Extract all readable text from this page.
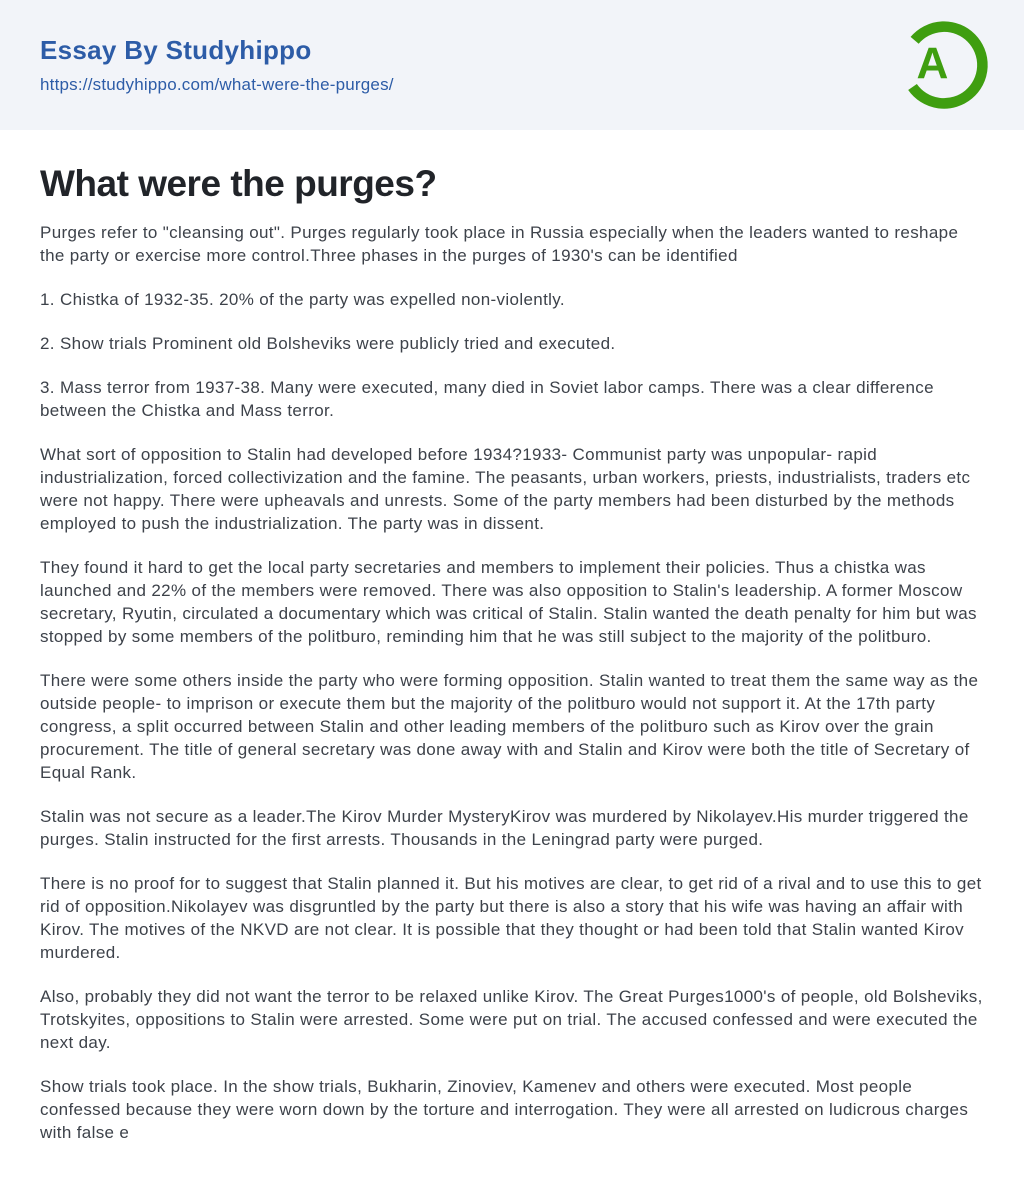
Essay By Studyhippo
https://studyhippo.com/what-were-the-purges/	A
What were the purges?

Purges refer to "cleansing out". Purges regularly took place in Russia especially when the leaders wanted to reshape the party or exercise more control.Three phases in the purges of 1930's can be identified

1. Chistka of 1932-35. 20% of the party was expelled non-violently.

2. Show trials Prominent old Bolsheviks were publicly tried and executed.

3. Mass terror from 1937-38. Many were executed, many died in Soviet labor camps. There was a clear difference between the Chistka and Mass terror.

What sort of opposition to Stalin had developed before 1934?1933- Communist party was unpopular- rapid industrialization, forced collectivization and the famine. The peasants, urban workers, priests, industrialists, traders etc were not happy. There were upheavals and unrests. Some of the party members had been disturbed by the methods employed to push the industrialization. The party was in dissent.

They found it hard to get the local party secretaries and members to implement their policies. Thus a chistka was launched and 22% of the members were removed. There was also opposition to Stalin's leadership. A former Moscow secretary, Ryutin, circulated a documentary which was critical of Stalin. Stalin wanted the death penalty for him but was stopped by some members of the politburo, reminding him that he was still subject to the majority of the politburo.

There were some others inside the party who were forming opposition. Stalin wanted to treat them the same way as the outside people- to imprison or execute them but the majority of the politburo would not support it. At the 17th party congress, a split occurred between Stalin and other leading members of the politburo such as Kirov over the grain procurement. The title of general secretary was done away with and Stalin and Kirov were both the title of Secretary of Equal Rank.

Stalin was not secure as a leader.The Kirov Murder MysteryKirov was murdered by Nikolayev.His murder triggered the purges. Stalin instructed for the first arrests. Thousands in the Leningrad party were purged.

There is no proof for to suggest that Stalin planned it. But his motives are clear, to get rid of a rival and to use this to get rid of opposition.Nikolayev was disgruntled by the party but there is also a story that his wife was having an affair with Kirov. The motives of the NKVD are not clear. It is possible that they thought or had been told that Stalin wanted Kirov murdered.

Also, probably they did not want the terror to be relaxed unlike Kirov. The Great Purges1000's of people, old Bolsheviks, Trotskyites, oppositions to Stalin were arrested. Some were put on trial. The accused confessed and were executed the next day.

Show trials took place. In the show trials, Bukharin, Zinoviev, Kamenev and others were executed. Most people confessed because they were worn down by the torture and interrogation. They were all arrested on ludicrous charges with false e
